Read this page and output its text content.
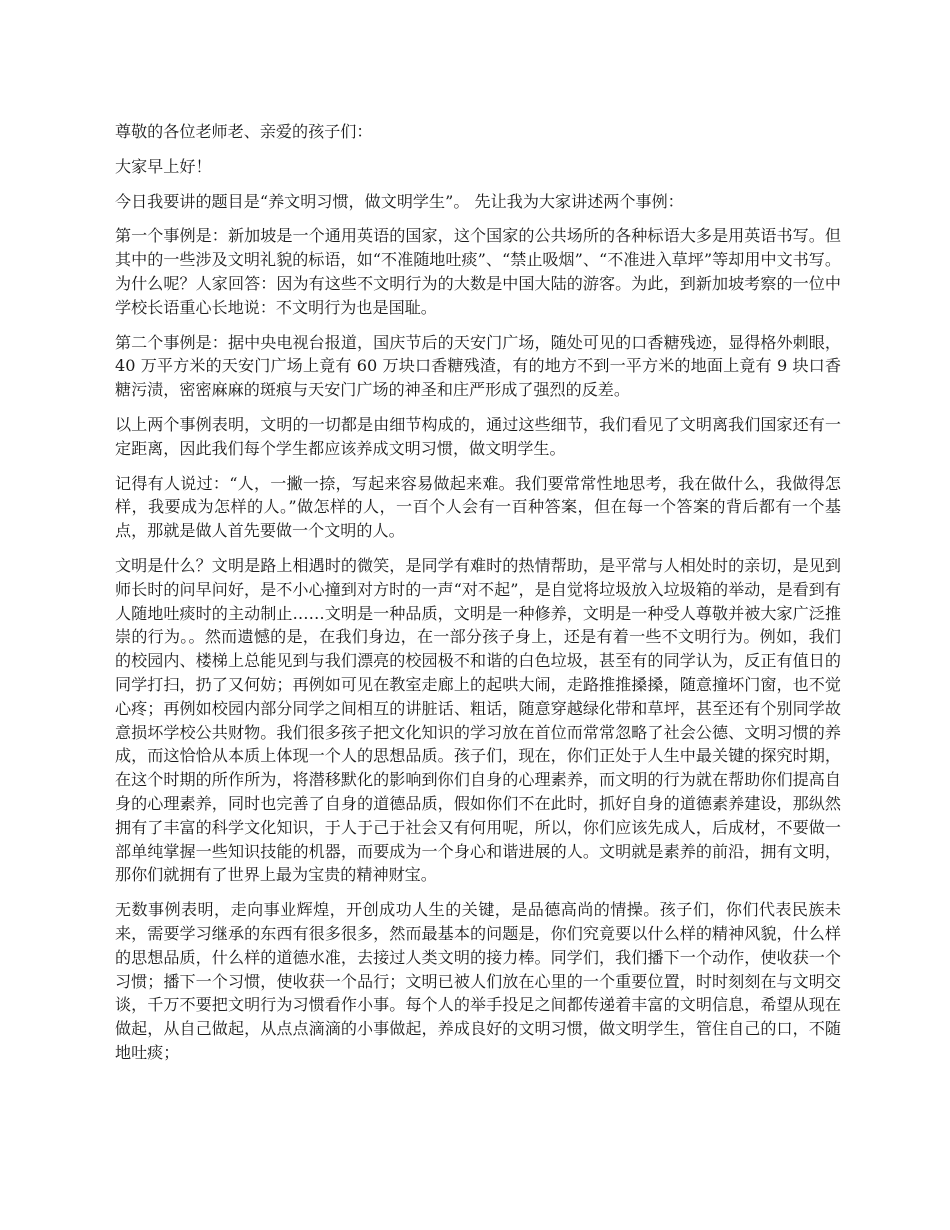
尊敬的各位老师老、亲爱的孩子们：

大家早上好！

今日我要讲的题目是“养文明习惯，做文明学生”。 先让我为大家讲述两个事例：

第一个事例是：新加坡是一个通用英语的国家，这个国家的公共场所的各种标语大多是用英语书写。但其中的一些涉及文明礼貌的标语，如“不准随地吐痰”、“禁止吸烟”、“不准进入草坪”等却用中文书写。为什么呢？人家回答：因为有这些不文明行为的大数是中国大陆的游客。为此，到新加坡考察的一位中学校长语重心长地说：不文明行为也是国耻。

第二个事例是：据中央电视台报道，国庆节后的天安门广场，随处可见的口香糖残迹，显得格外刺眼，40 万平方米的天安门广场上竟有 60 万块口香糖残渣，有的地方不到一平方米的地面上竟有 9 块口香糖污渍，密密麻麻的斑痕与天安门广场的神圣和庄严形成了强烈的反差。

以上两个事例表明，文明的一切都是由细节构成的，通过这些细节，我们看见了文明离我们国家还有一定距离，因此我们每个学生都应该养成文明习惯，做文明学生。

记得有人说过：“人，一撇一捺，写起来容易做起来难。我们要常常性地思考，我在做什么，我做得怎样，我要成为怎样的人。”做怎样的人，一百个人会有一百种答案，但在每一个答案的背后都有一个基点，那就是做人首先要做一个文明的人。

文明是什么？文明是路上相遇时的微笑，是同学有难时的热情帮助，是平常与人相处时的亲切，是见到师长时的问早问好，是不小心撞到对方时的一声“对不起”，是自觉将垃圾放入垃圾箱的举动，是看到有人随地吐痰时的主动制止……文明是一种品质，文明是一种修养，文明是一种受人尊敬并被大家广泛推崇的行为。。然而遗憾的是，在我们身边，在一部分孩子身上，还是有着一些不文明行为。例如，我们的校园内、楼梯上总能见到与我们漂亮的校园极不和谐的白色垃圾，甚至有的同学认为，反正有值日的同学打扫，扔了又何妨；再例如可见在教室走廊上的起哄大闹，走路推推搡搡，随意撞坏门窗，也不觉心疼；再例如校园内部分同学之间相互的讲脏话、粗话，随意穿越绿化带和草坪，甚至还有个别同学故意损坏学校公共财物。我们很多孩子把文化知识的学习放在首位而常常忽略了社会公德、文明习惯的养成，而这恰恰从本质上体现一个人的思想品质。孩子们，现在，你们正处于人生中最关键的探究时期，在这个时期的所作所为，将潜移默化的影响到你们自身的心理素养，而文明的行为就在帮助你们提高自身的心理素养，同时也完善了自身的道德品质，假如你们不在此时，抓好自身的道德素养建设，那纵然拥有了丰富的科学文化知识，于人于己于社会又有何用呢，所以，你们应该先成人，后成材，不要做一部单纯掌握一些知识技能的机器，而要成为一个身心和谐进展的人。文明就是素养的前沿，拥有文明，那你们就拥有了世界上最为宝贵的精神财宝。

无数事例表明，走向事业辉煌，开创成功人生的关键，是品德高尚的情操。孩子们，你们代表民族未来，需要学习继承的东西有很多很多，然而最基本的问题是，你们究竟要以什么样的精神风貌，什么样的思想品质，什么样的道德水准，去接过人类文明的接力棒。同学们，我们播下一个动作，使收获一个习惯；播下一个习惯，使收获一个品行；文明已被人们放在心里的一个重要位置，时时刻刻在与文明交谈，千万不要把文明行为习惯看作小事。每个人的举手投足之间都传递着丰富的文明信息，希望从现在做起，从自己做起，从点点滴滴的小事做起，养成良好的文明习惯，做文明学生，管住自己的口，不随地吐痰；
